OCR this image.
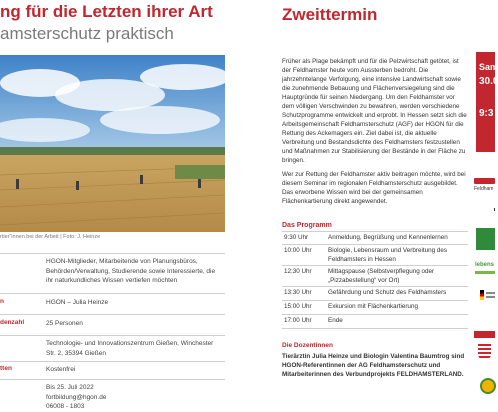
ng für die Letzten ihrer Art
amsterschutz praktisch
rtier“innen bei der Arbeit | Foto: J. Heinze
HGON-Mitglieder, Mitarbeitende von Planungsbüros, Behörden/Verwaltung, Studierende sowie Interessierte, die ihr naturkundliches Wissen vertiefen möchten
n	HGON – Julia Heinze
denzahl	25 Personen
Technologie- und Innovationszentrum Gießen, Winchester Str. 2, 35394 Gießen
tten	Kostenfrei
Bis 25. Juli 2022
fortbildung@hgon.de
06008 - 1803
Zweittermin
Früher als Plage bekämpft und für die Pelzwirtschaft getötet, ist der Feldhamster heute vom Aussterben bedroht. Die jahrzehntelange Verfolgung, eine intensive Landwirtschaft sowie die zunehmende Bebauung und Flächenversiegelung sind die Hauptgründe für seinen Niedergang. Um den Feldhamster vor dem völligen Verschwinden zu bewahren, werden verschiedene Schutzprogramme entwickelt und erprobt. In Hessen setzt sich die Arbeitsgemeinschaft Feldhamsterschutz (AGF) der HGON für die Rettung des Ackemagers ein. Ziel dabei ist, die aktuelle Verbreitung und Bestandsdichte des Feldhamsters festzustellen und Maßnahmen zur Stabilisierung der Bestände in der Fläche zu bringen.
Wer zur Rettung der Feldhamster aktiv beitragen möchte, wird bei diesem Seminar im regionalen Feldhamsterschutz ausgebildet. Das erworbene Wissen wird bei der gemeinsamen Flächenkartierung direkt angewendet.
Das Programm
9:30 Uhr	Anmeldung, Begrüßung und Kennenlernen
10:00 Uhr	Biologie, Lebensraum und Verbreitung des Feldhamsters in Hessen
12:30 Uhr	Mittagspause (Selbstverpflegung oder „Pizzabestellung“ vor Ort)
13:30 Uhr	Gefährdung und Schutz des Feldhamsters
15:00 Uhr	Exkursion mit Flächenkartierung
17:00 Uhr	Ende
Die Dozentinnen
Tierärztin Julia Heinze und Biologin Valentina Baumtrog sind HGON-Referentinnen der AG Feldhamsterschutz und Mitarbeiterinnen des Verbundprojekts FELDHAMSTERLAND.
Sam
30.0
9:3
Feldham
lebens
